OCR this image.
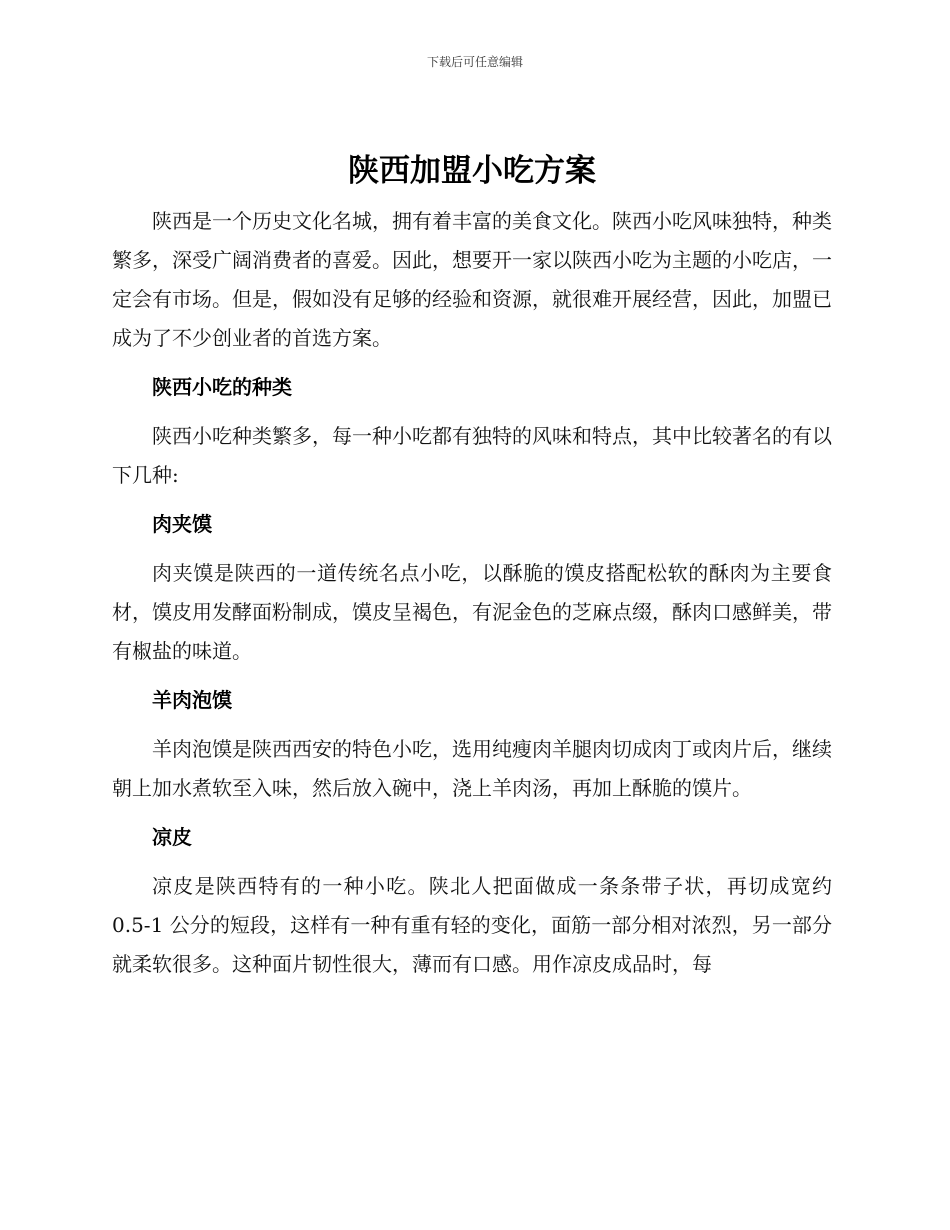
下载后可任意编辑
陕西加盟小吃方案

陕西是一个历史文化名城，拥有着丰富的美食文化。陕西小吃风味独特，种类繁多，深受广阔消费者的喜爱。因此，想要开一家以陕西小吃为主题的小吃店，一定会有市场。但是，假如没有足够的经验和资源，就很难开展经营，因此，加盟已成为了不少创业者的首选方案。

陕西小吃的种类

陕西小吃种类繁多，每一种小吃都有独特的风味和特点，其中比较著名的有以下几种:

肉夹馍

肉夹馍是陕西的一道传统名点小吃，以酥脆的馍皮搭配松软的酥肉为主要食材，馍皮用发酵面粉制成，馍皮呈褐色，有泥金色的芝麻点缀，酥肉口感鲜美，带有椒盐的味道。

羊肉泡馍

羊肉泡馍是陕西西安的特色小吃，选用纯瘦肉羊腿肉切成肉丁或肉片后，继续朝上加水煮软至入味，然后放入碗中，浇上羊肉汤，再加上酥脆的馍片。

凉皮

凉皮是陕西特有的一种小吃。陕北人把面做成一条条带子状，再切成宽约 0.5-1 公分的短段，这样有一种有重有轻的变化，面筋一部分相对浓烈，另一部分就柔软很多。这种面片韧性很大，薄而有口感。用作凉皮成品时，每
